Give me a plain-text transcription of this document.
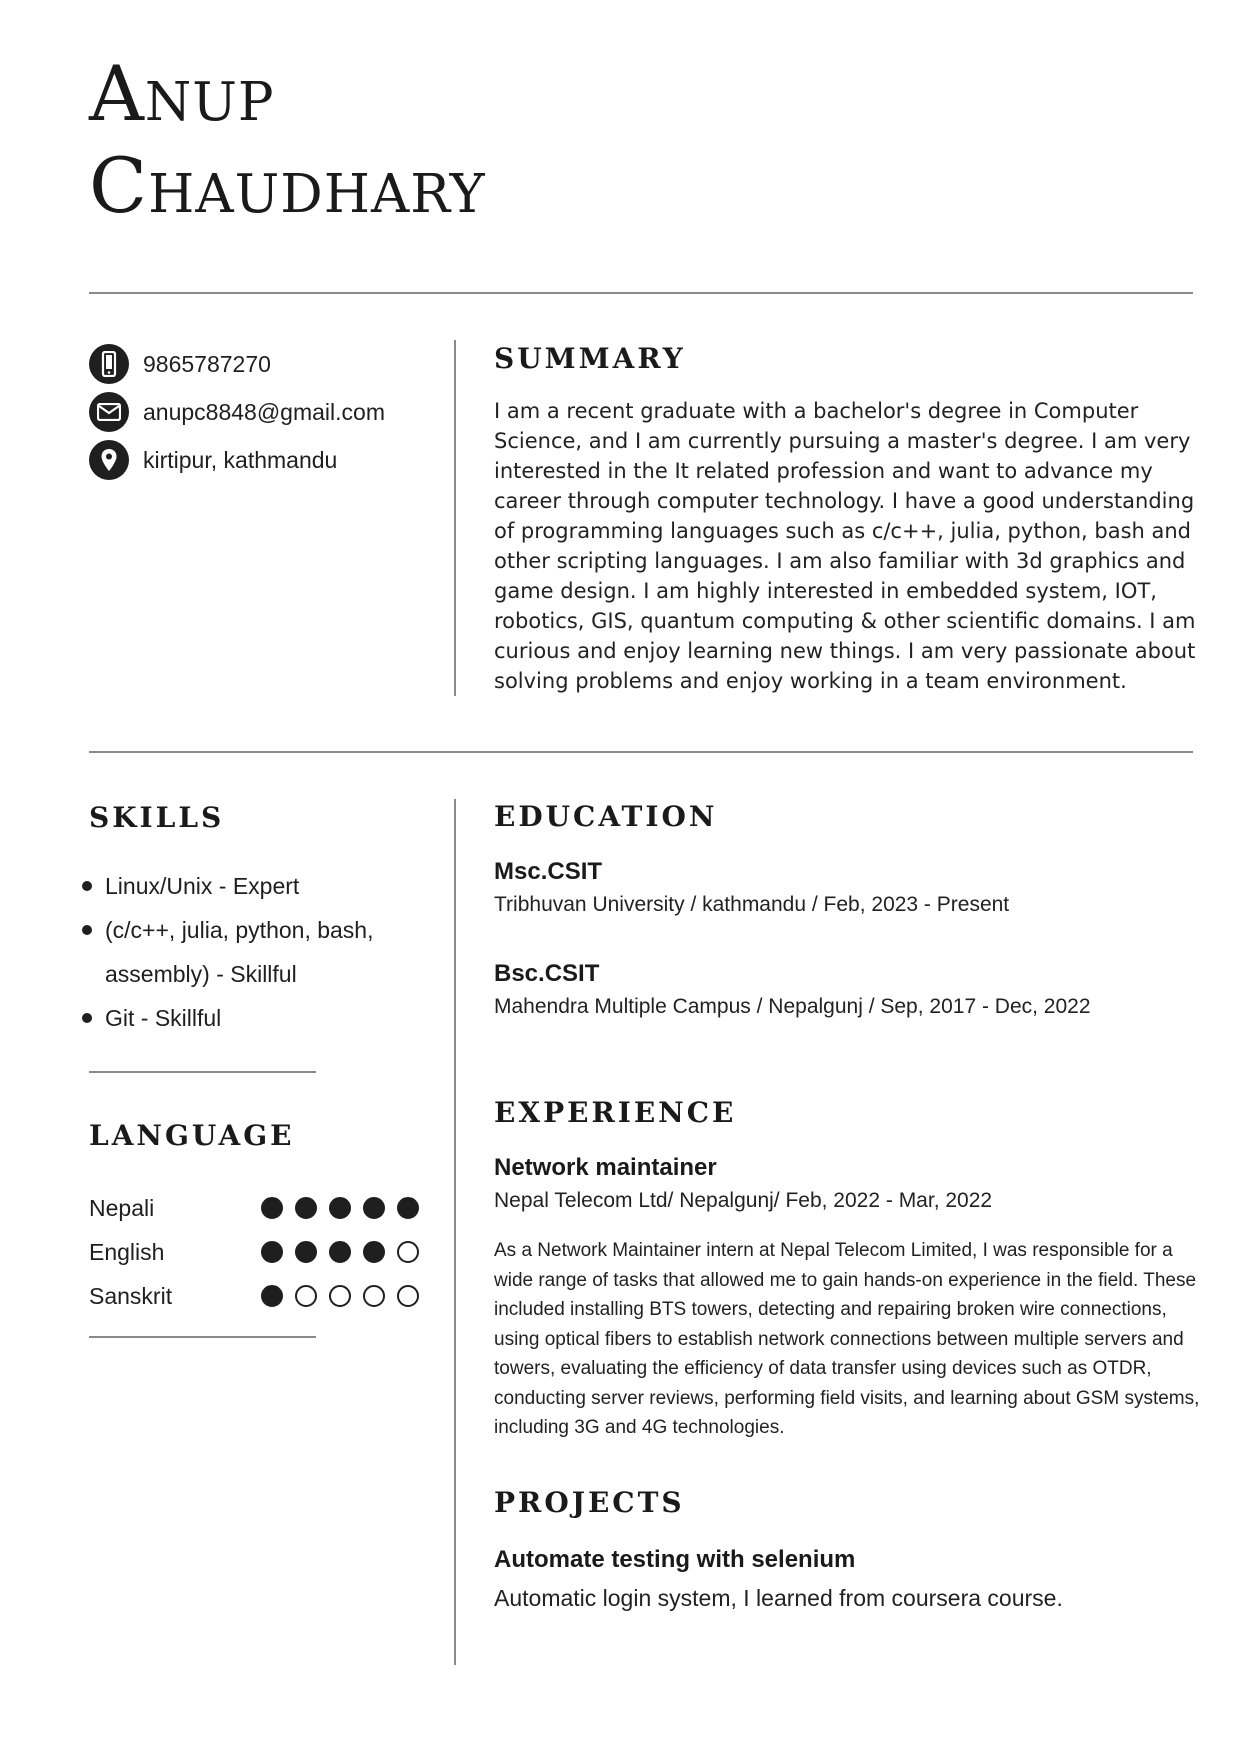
Anup
Chaudhary
9865787270
anupc8848@gmail.com
kirtipur, kathmandu
SUMMARY

I am a recent graduate with a bachelor's degree in Computer Science, and I am currently pursuing a master's degree. I am very interested in the It related profession and want to advance my career through computer technology. I have a good understanding of programming languages such as c/c++, julia, python, bash and other scripting languages. I am also familiar with 3d graphics and game design. I am highly interested in embedded system, IOT, robotics, GIS, quantum computing & other scientific domains. I am curious and enjoy learning new things. I am very passionate about solving problems and enjoy working in a team environment.

SKILLS
Linux/Unix - Expert
(c/c++, julia, python, bash, assembly) - Skillful
Git - Skillful
LANGUAGE
Nepali
English
Sanskrit
EDUCATION
Msc.CSIT

Tribhuvan University / kathmandu / Feb, 2023 - Present

Bsc.CSIT

Mahendra Multiple Campus / Nepalgunj / Sep, 2017 - Dec, 2022

EXPERIENCE
Network maintainer

Nepal Telecom Ltd/ Nepalgunj/ Feb, 2022 - Mar, 2022

As a Network Maintainer intern at Nepal Telecom Limited, I was responsible for a wide range of tasks that allowed me to gain hands-on experience in the field. These included installing BTS towers, detecting and repairing broken wire connections, using optical fibers to establish network connections between multiple servers and towers, evaluating the efficiency of data transfer using devices such as OTDR, conducting server reviews, performing field visits, and learning about GSM systems, including 3G and 4G technologies.

PROJECTS
Automate testing with selenium

Automatic login system, I learned from coursera course.
